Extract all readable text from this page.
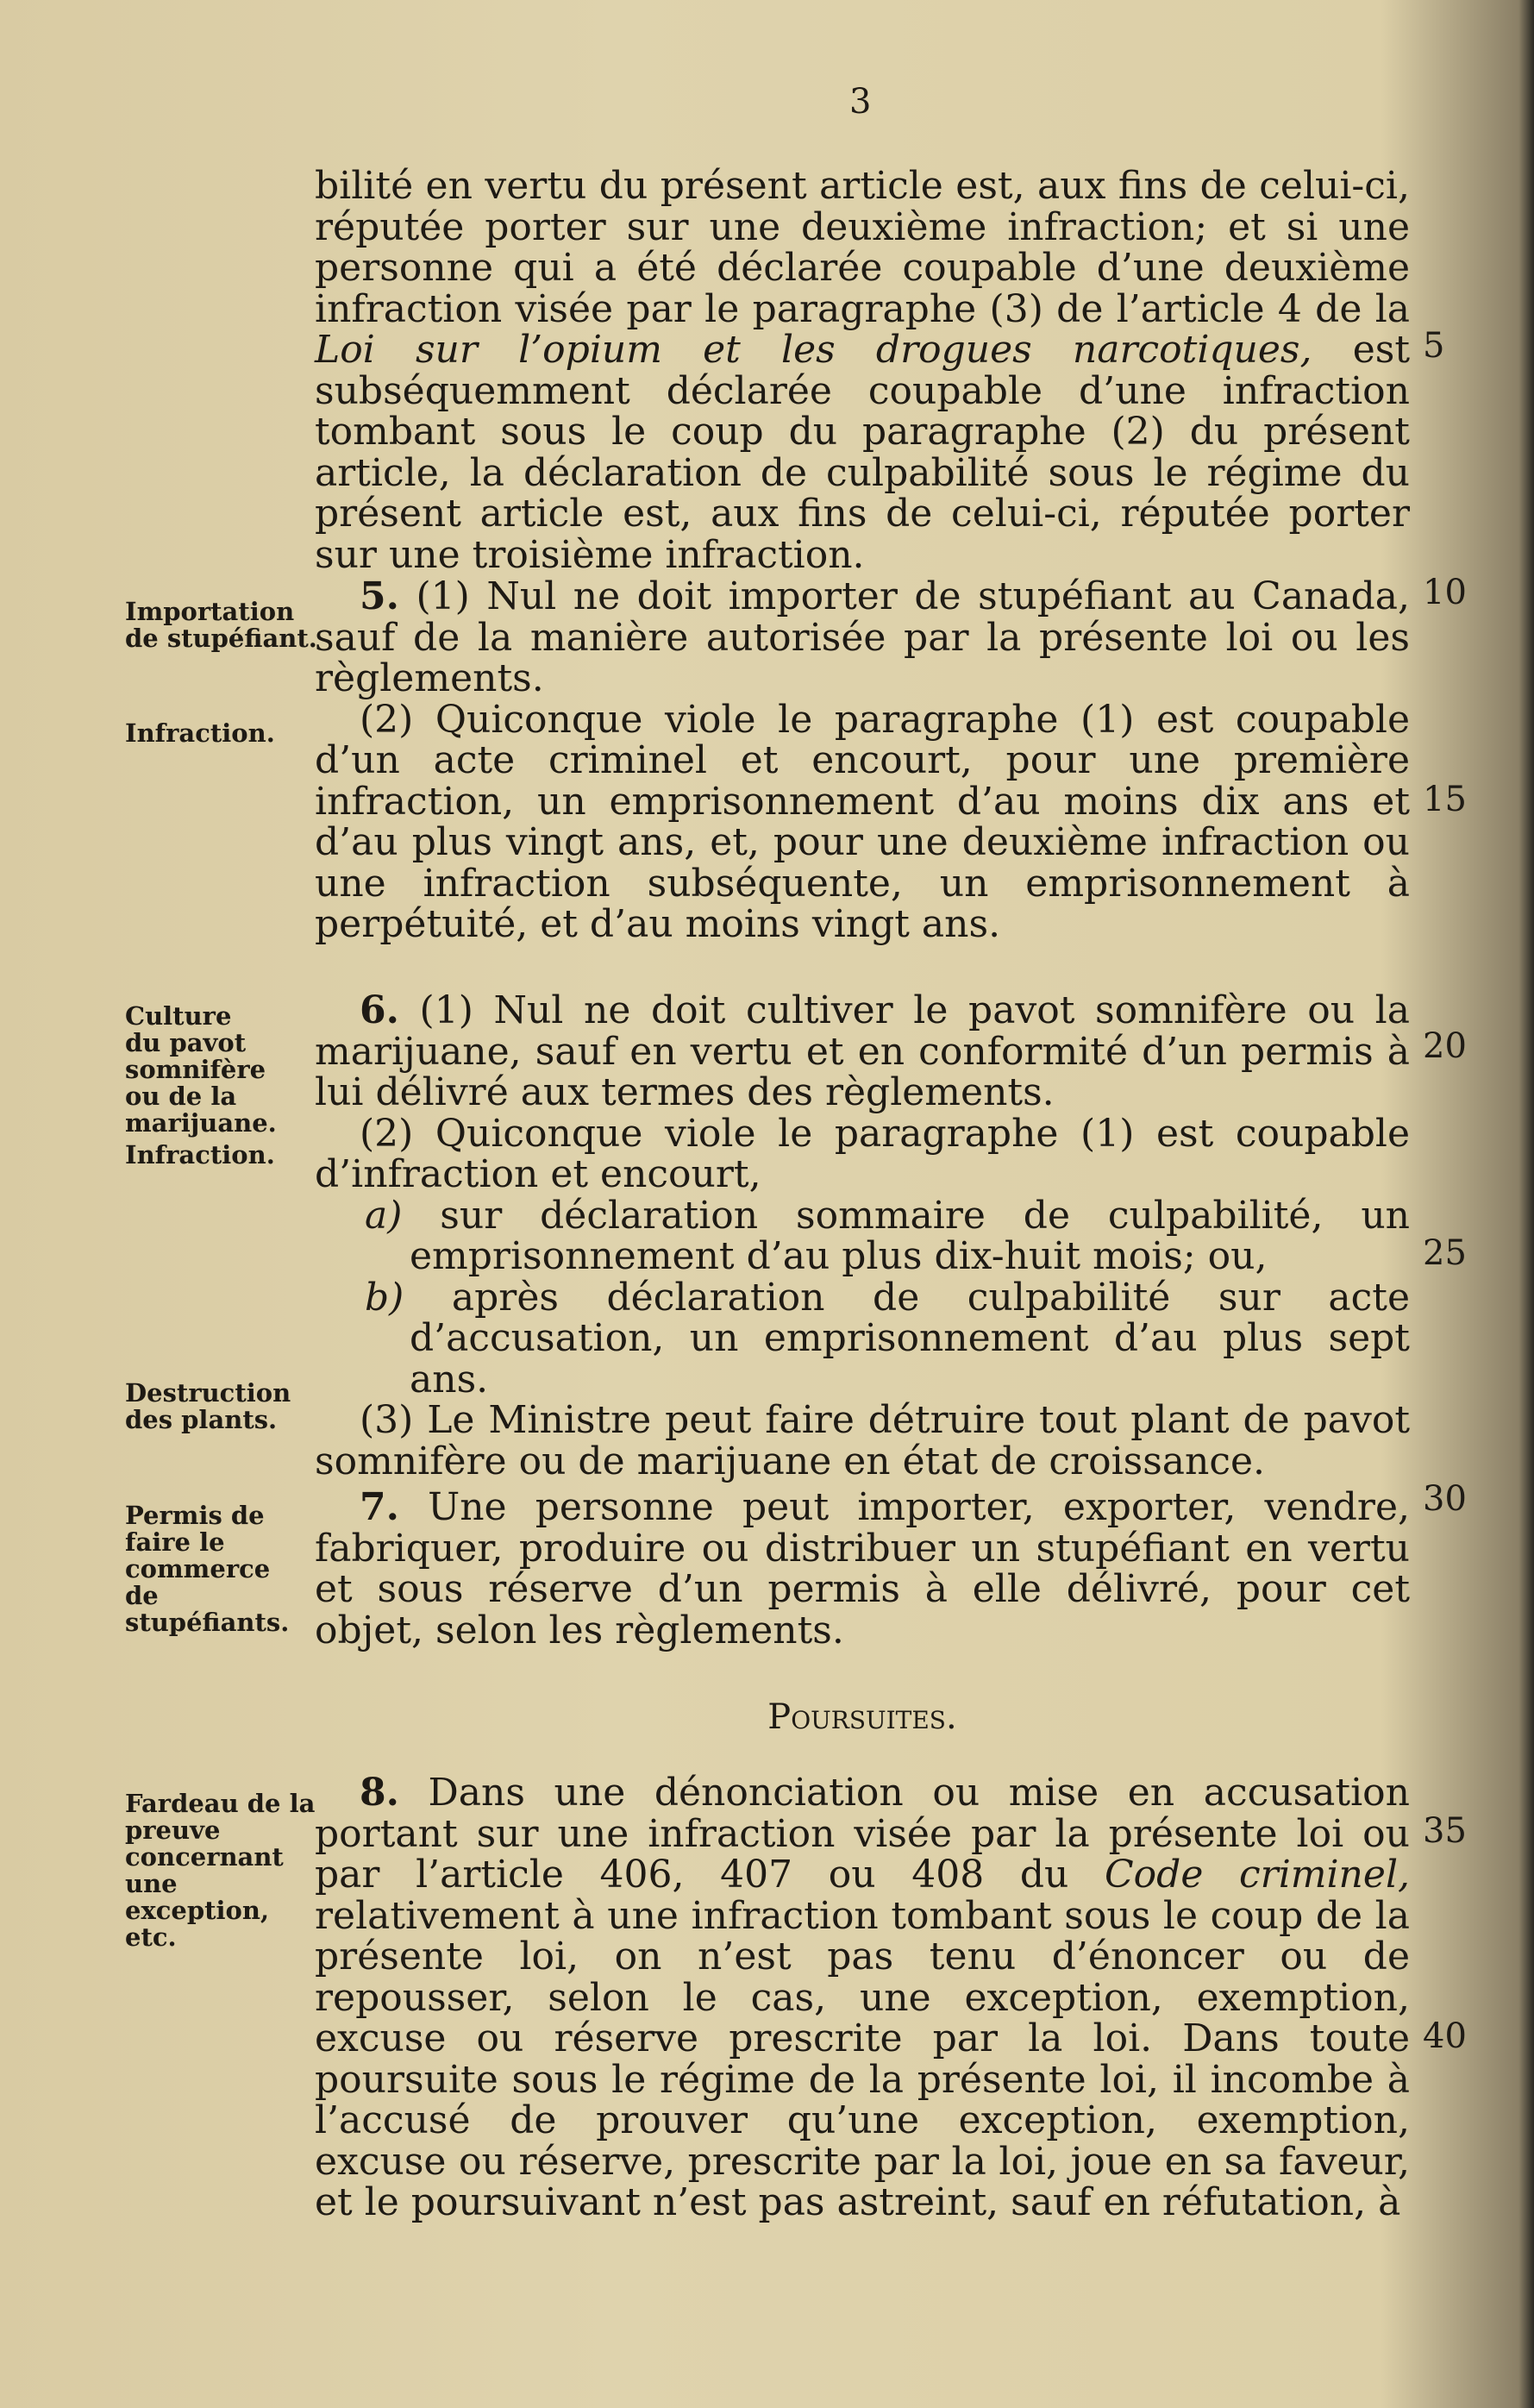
3

bilité en vertu du présent article est, aux fins de celui-ci, réputée porter sur une deuxième infraction; et si une personne qui a été déclarée coupable d’une deuxième infraction visée par le paragraphe (3) de l’article 4 de la Loi sur l’opium et les drogues narcotiques, est subséquemment déclarée coupable d’une infraction tombant sous le coup du paragraphe (2) du présent article, la déclaration de culpabilité sous le régime du présent article est, aux fins de celui-ci, réputée porter sur une troisième infraction.

5. (1) Nul ne doit importer de stupéfiant au Canada, sauf de la manière autorisée par la présente loi ou les règlements.

(2) Quiconque viole le paragraphe (1) est coupable d’un acte criminel et encourt, pour une première infraction, un emprisonnement d’au moins dix ans et d’au plus vingt ans, et, pour une deuxième infraction ou une infraction subséquente, un emprisonnement à perpétuité, et d’au moins vingt ans.

6. (1) Nul ne doit cultiver le pavot somnifère ou la marijuane, sauf en vertu et en conformité d’un permis à lui délivré aux termes des règlements.

(2) Quiconque viole le paragraphe (1) est coupable d’infraction et encourt,

a) sur déclaration sommaire de culpabilité, un emprisonnement d’au plus dix-huit mois; ou,

b) après déclaration de culpabilité sur acte d’accusation, un emprisonnement d’au plus sept ans.

(3) Le Ministre peut faire détruire tout plant de pavot somnifère ou de marijuane en état de croissance.

7. Une personne peut importer, exporter, vendre, fabriquer, produire ou distribuer un stupéfiant en vertu et sous réserve d’un permis à elle délivré, pour cet objet, selon les règlements.

Poursuites.

8. Dans une dénonciation ou mise en accusation portant sur une infraction visée par la présente loi ou par l’article 406, 407 ou 408 du Code criminel, relativement à une infraction tombant sous le coup de la présente loi, on n’est pas tenu d’énoncer ou de repousser, selon le cas, une exception, exemption, excuse ou réserve prescrite par la loi. Dans toute poursuite sous le régime de la présente loi, il incombe à l’accusé de prouver qu’une exception, exemption, excuse ou réserve, prescrite par la loi, joue en sa faveur, et le poursuivant n’est pas astreint, sauf en réfutation, à

Importation de stupéfiant.
Infraction.
Culture du pavot somnifère ou de la marijuane.
Infraction.
Destruction des plants.
Permis de faire le commerce de stupéfiants.
Fardeau de la preuve concernant une exception, etc.
5
10
15
20
25
30
35
40
